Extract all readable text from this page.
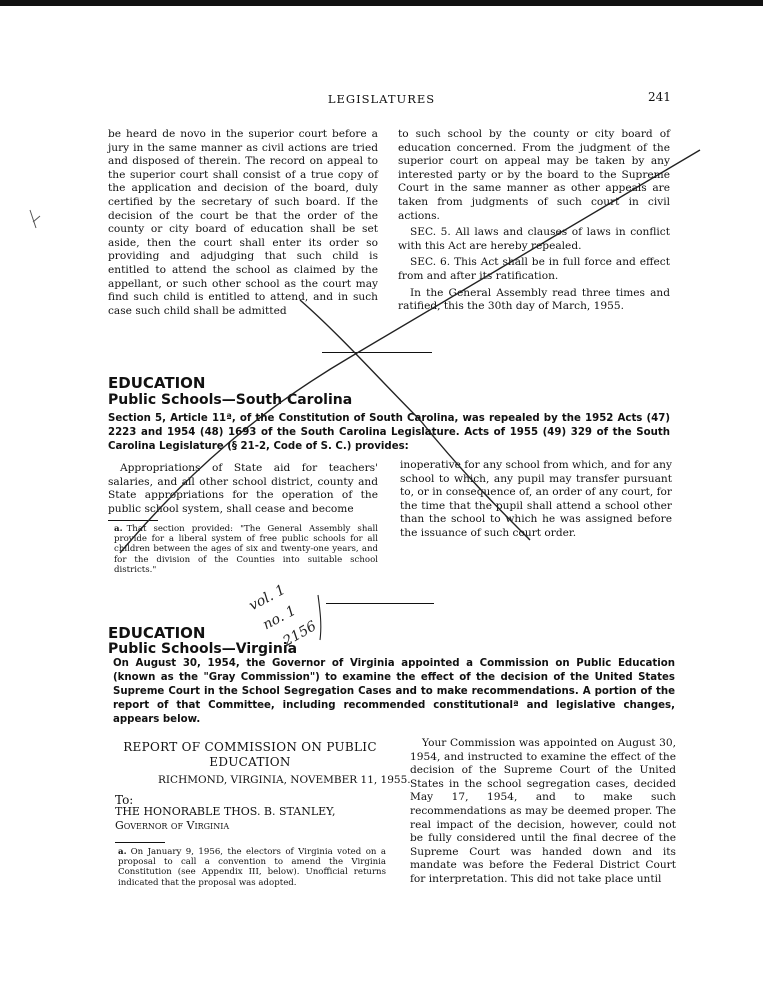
LEGISLATURES	241

be heard de novo in the superior court before a jury in the same manner as civil actions are tried and disposed of therein. The record on appeal to the superior court shall consist of a true copy of the application and decision of the board, duly certified by the secretary of such board. If the decision of the court be that the order of the county or city board of education shall be set aside, then the court shall enter its order so providing and adjudging that such child is entitled to attend the school as claimed by the appellant, or such other school as the court may find such child is entitled to attend, and in such case such child shall be admitted

to such school by the county or city board of education concerned. From the judgment of the superior court on appeal may be taken by any interested party or by the board to the Supreme Court in the same manner as other appeals are taken from judgments of such court in civil actions.

SEC. 5. All laws and clauses of laws in conflict with this Act are hereby repealed.

SEC. 6. This Act shall be in full force and effect from and after its ratification.

In the General Assembly read three times and ratified, this the 30th day of March, 1955.

EDUCATION
Public Schools—South Carolina
Section 5, Article 11ª, of the Constitution of South Carolina, was repealed by the 1952 Acts (47) 2223 and 1954 (48) 1693 of the South Carolina Legislature. Acts of 1955 (49) 329 of the South Carolina Legislature (§ 21-2, Code of S. C.) provides:

Appropriations of State aid for teachers' salaries, and all other school district, county and State appropriations for the operation of the public school system, shall cease and become

inoperative for any school from which, and for any school to which, any pupil may transfer pursuant to, or in consequence of, an order of any court, for the time that the pupil shall attend a school other than the school to which he was assigned before the issuance of such court order.

a. That section provided: "The General Assembly shall provide for a liberal system of free public schools for all children between the ages of six and twenty-one years, and for the division of the Counties into suitable school districts."
vol. 1
no. 1
2156
EDUCATION
Public Schools—Virginia
On August 30, 1954, the Governor of Virginia appointed a Commission on Public Education (known as the "Gray Commission") to examine the effect of the decision of the United States Supreme Court in the School Segregation Cases and to make recommendations. A portion of the report of that Committee, including recommended constitutionalª and legislative changes, appears below.
REPORT OF COMMISSION ON PUBLIC EDUCATION
RICHMOND, VIRGINIA, NOVEMBER 11, 1955.
To:
THE HONORABLE THOS. B. STANLEY, Governor of Virginia
a. On January 9, 1956, the electors of Virginia voted on a proposal to call a convention to amend the Virginia Constitution (see Appendix III, below). Unofficial returns indicated that the proposal was adopted.

Your Commission was appointed on August 30, 1954, and instructed to examine the effect of the decision of the Supreme Court of the United States in the school segregation cases, decided May 17, 1954, and to make such recommendations as may be deemed proper. The real impact of the decision, however, could not be fully considered until the final decree of the Supreme Court was handed down and its mandate was before the Federal District Court for interpretation. This did not take place until
